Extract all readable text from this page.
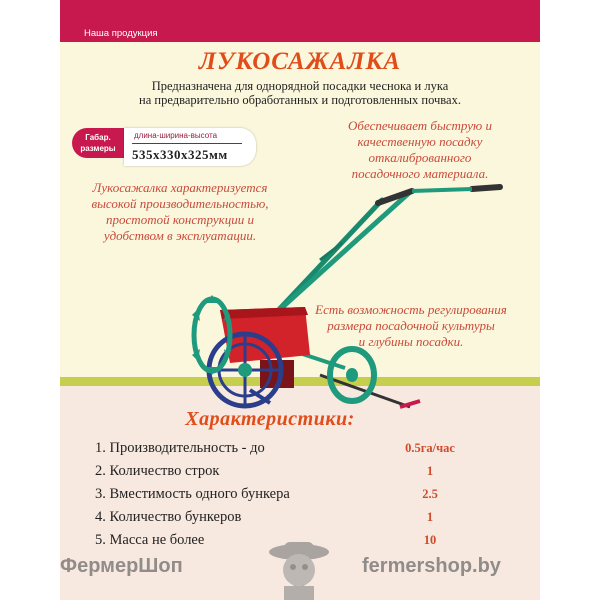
Наша продукция
ЛУКОСАЖАЛКА
Предназначена для однорядной посадки чеснока и лука
на предварительно обработанных и подготовленных почвах.
Габар.
размеры
длина-ширина-высота
535х330х325мм
Обеспечивает быструю и
качественную посадку
откалиброванного
посадочного материала.
Лукосажалка характеризуется
высокой производительностью,
простотой конструкции и
удобством в эксплуатации.
Есть возможность регулирования
размера посадочной культуры
и глубины посадки.
Характеристики:
1. Производительность - до	0.5га/час
2. Количество строк	1
3. Вместимость одного бункера	2.5
4. Количество бункеров	1
5. Масса не более	10
ФермерШоп	fermershop.by
